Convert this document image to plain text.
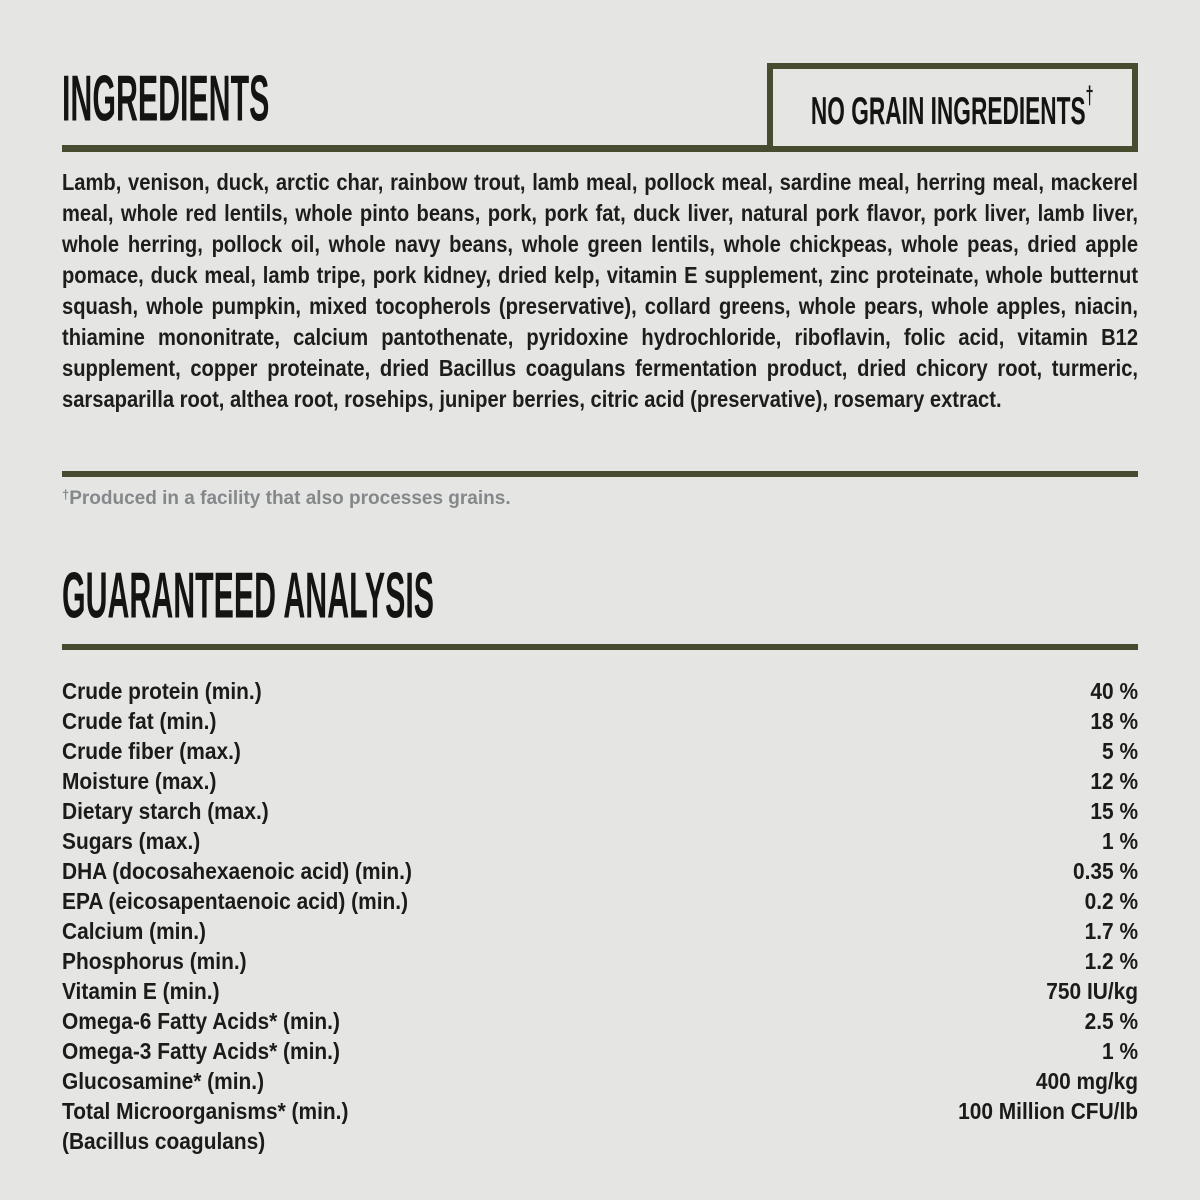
INGREDIENTS	NO GRAIN INGREDIENTS†

Lamb, venison, duck, arctic char, rainbow trout, lamb meal, pollock meal, sardine meal, herring meal, mackerel meal, whole red lentils, whole pinto beans, pork, pork fat, duck liver, natural pork flavor, pork liver, lamb liver, whole herring, pollock oil, whole navy beans, whole green lentils, whole chickpeas, whole peas, dried apple pomace, duck meal, lamb tripe, pork kidney, dried kelp, vitamin E supplement, zinc proteinate, whole butternut squash, whole pumpkin, mixed tocopherols (preservative), collard greens, whole pears, whole apples, niacin, thiamine mononitrate, calcium pantothenate, pyridoxine hydrochloride, riboflavin, folic acid, vitamin B12 supplement, copper proteinate, dried Bacillus coagulans fermentation product, dried chicory root, turmeric, sarsaparilla root, althea root, rosehips, juniper berries, citric acid (preservative), rosemary extract.

†Produced in a facility that also processes grains.

GUARANTEED ANALYSIS
Crude protein (min.)	40 %
Crude fat (min.)	18 %
Crude fiber (max.)	5 %
Moisture (max.)	12 %
Dietary starch (max.)	15 %
Sugars (max.)	1 %
DHA (docosahexaenoic acid) (min.)	0.35 %
EPA (eicosapentaenoic acid) (min.)	0.2 %
Calcium (min.)	1.7 %
Phosphorus (min.)	1.2 %
Vitamin E (min.)	750 IU/kg
Omega-6 Fatty Acids* (min.)	2.5 %
Omega-3 Fatty Acids* (min.)	1 %
Glucosamine* (min.)	400 mg/kg
Total Microorganisms* (min.)	100 Million CFU/lb
(Bacillus coagulans)
